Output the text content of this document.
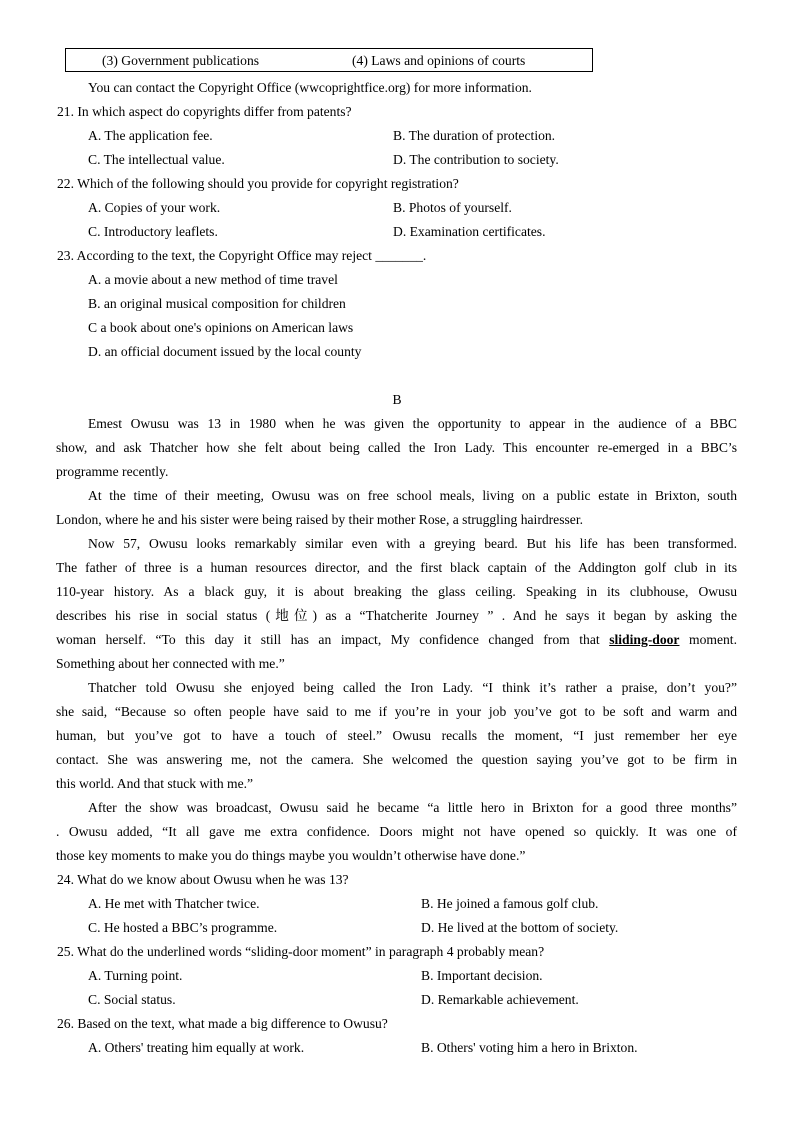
(3) Government publications	(4) Laws and opinions of courts
You can contact the Copyright Office (wwcoprightfice.org) for more information.
21. In which aspect do copyrights differ from patents?
A. The application fee.	B. The duration of protection.
C. The intellectual value.	D. The contribution to society.
22. Which of the following should you provide for copyright registration?
A. Copies of your work.	B. Photos of yourself.
C. Introductory leaflets.	D. Examination certificates.
23. According to the text, the Copyright Office may reject _______.
A. a movie about a new method of time travel
B. an original musical composition for children
C a book about one's opinions on American laws
D. an official document issued by the local county
B
Emest Owusu was 13 in 1980 when he was given the opportunity to appear in the audience of a BBC
show, and ask Thatcher how she felt about being called the Iron Lady. This encounter re-emerged in a BBC’s
programme recently.
At the time of their meeting, Owusu was on free school meals, living on a public estate in Brixton, south
London, where he and his sister were being raised by their mother Rose, a struggling hairdresser.
Now 57, Owusu looks remarkably similar even with a greying beard. But his life has been transformed.
The father of three is a human resources director, and the first black captain of the Addington golf club in its
110-year history. As a black guy, it is about breaking the glass ceiling. Speaking in its clubhouse, Owusu
describes his rise in social status (地位) as a “Thatcherite Journey ” . And he says it began by asking the
woman herself. “To this day it still has an impact, My confidence changed from that sliding-door moment.
Something about her connected with me.”
Thatcher told Owusu she enjoyed being called the Iron Lady. “I think it’s rather a praise, don’t you?”
she said, “Because so often people have said to me if you’re in your job you’ve got to be soft and warm and
human, but you’ve got to have a touch of steel.” Owusu recalls the moment, “I just remember her eye
contact. She was answering me, not the camera. She welcomed the question saying you’ve got to be firm in
this world. And that stuck with me.”
After the show was broadcast, Owusu said he became “a little hero in Brixton for a good three months”
. Owusu added, “It all gave me extra confidence. Doors might not have opened so quickly. It was one of
those key moments to make you do things maybe you wouldn’t otherwise have done.”
24. What do we know about Owusu when he was 13?
A. He met with Thatcher twice.	B. He joined a famous golf club.
C. He hosted a BBC’s programme.	D. He lived at the bottom of society.
25. What do the underlined words “sliding-door moment” in paragraph 4 probably mean?
A. Turning point.	B. Important decision.
C. Social status.	D. Remarkable achievement.
26. Based on the text, what made a big difference to Owusu?
A. Others' treating him equally at work.	B. Others' voting him a hero in Brixton.
